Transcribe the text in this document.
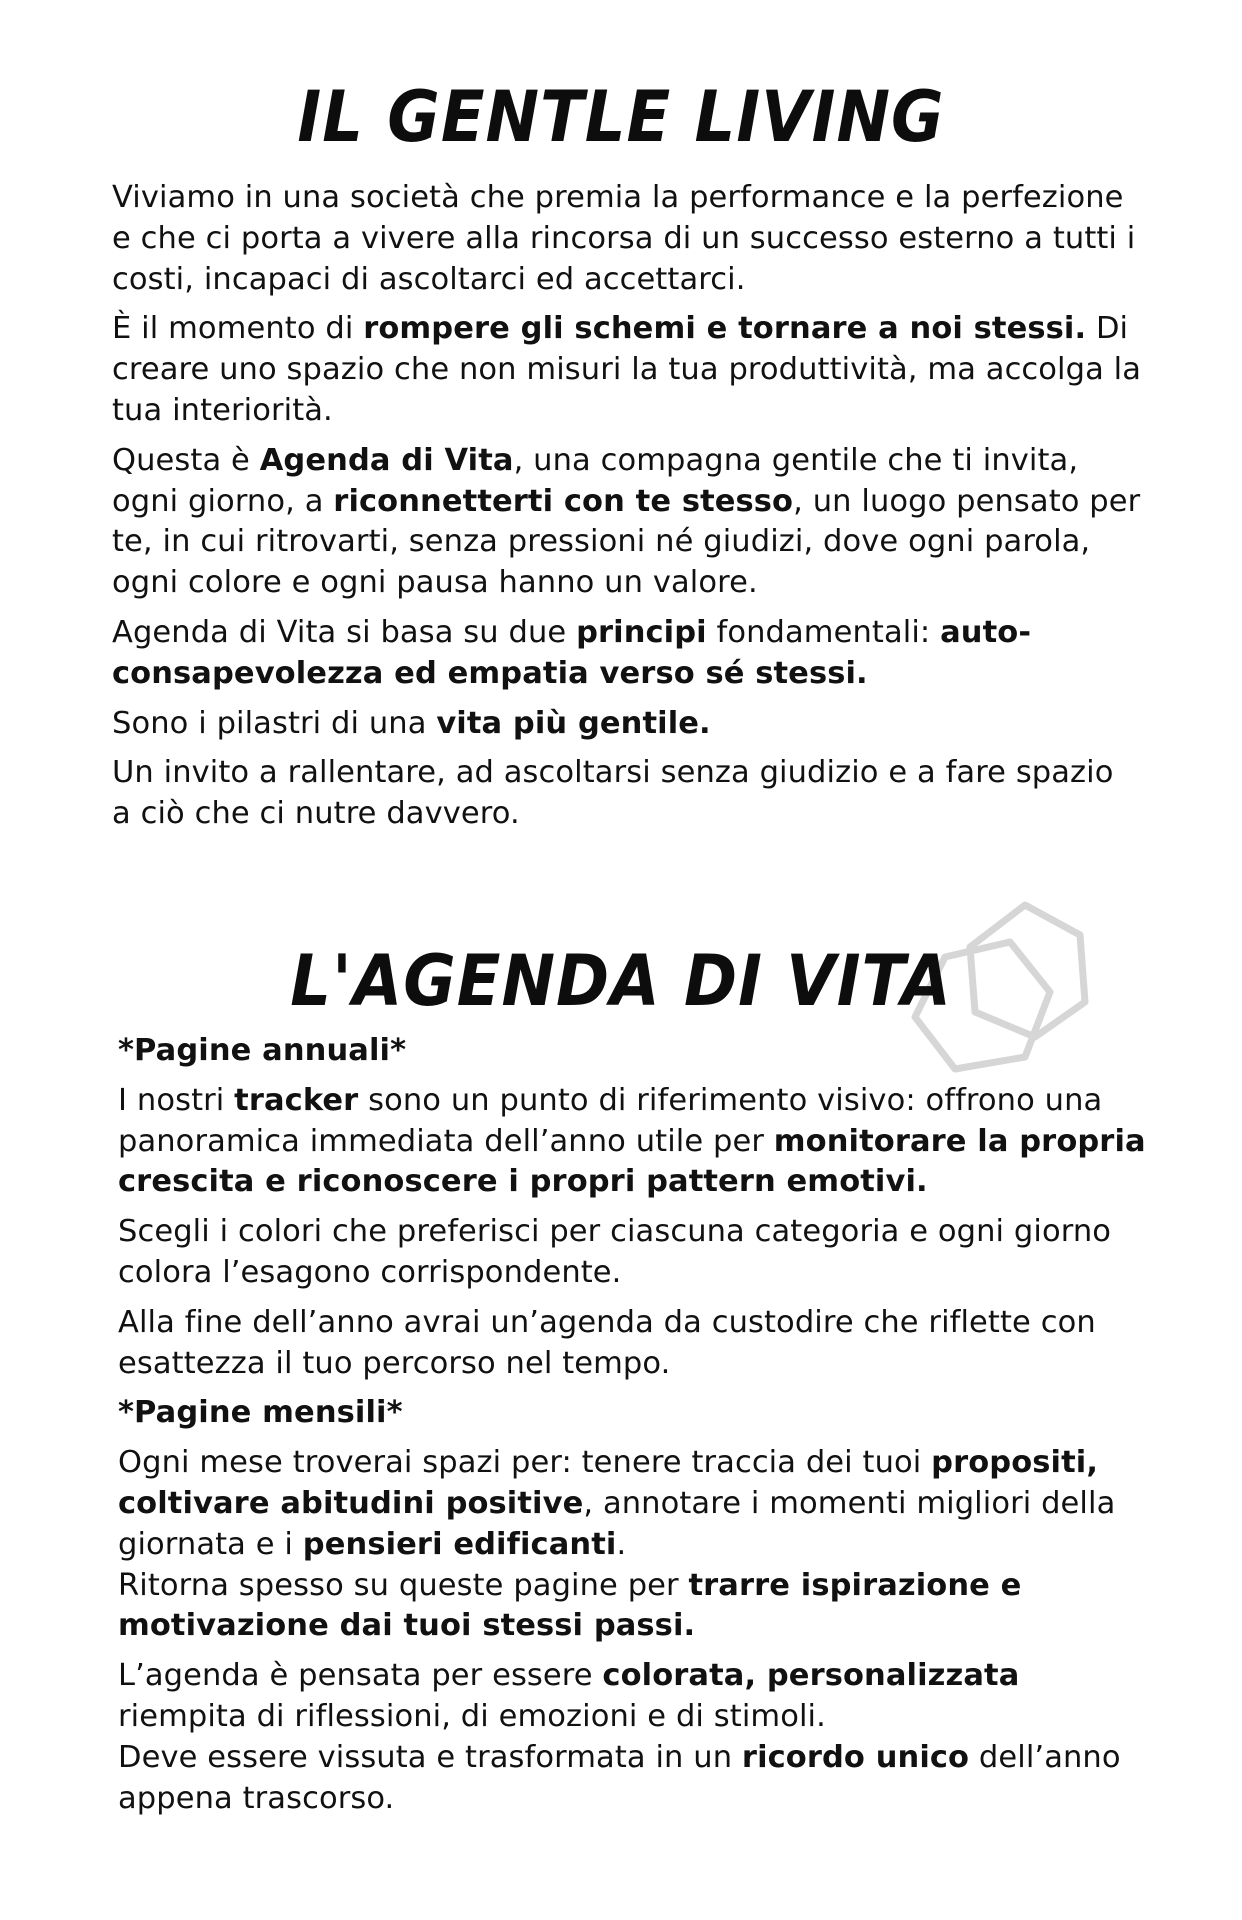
IL GENTLE LIVING

Viviamo in una società che premia la performance e la perfezione e che ci porta a vivere alla rincorsa di un successo esterno a tutti i costi, incapaci di ascoltarci ed accettarci.

È il momento di rompere gli schemi e tornare a noi stessi. Di creare uno spazio che non misuri la tua produttività, ma accolga la tua interiorità.

Questa è Agenda di Vita, una compagna gentile che ti invita, ogni giorno, a riconnetterti con te stesso, un luogo pensato per te, in cui ritrovarti, senza pressioni né giudizi, dove ogni parola, ogni colore e ogni pausa hanno un valore.

Agenda di Vita si basa su due principi fondamentali: auto-consapevolezza ed empatia verso sé stessi.

Sono i pilastri di una vita più gentile.

Un invito a rallentare, ad ascoltarsi senza giudizio e a fare spazio a ciò che ci nutre davvero.

L'AGENDA DI VITA

*Pagine annuali*

I nostri tracker sono un punto di riferimento visivo: offrono una panoramica immediata dell’anno utile per monitorare la propria crescita e riconoscere i propri pattern emotivi.

Scegli i colori che preferisci per ciascuna categoria e ogni giorno colora l’esagono corrispondente.

Alla fine dell’anno avrai un’agenda da custodire che riflette con esattezza il tuo percorso nel tempo.

*Pagine mensili*

Ogni mese troverai spazi per: tenere traccia dei tuoi propositi, coltivare abitudini positive, annotare i momenti migliori della giornata e i pensieri edificanti.
Ritorna spesso su queste pagine per trarre ispirazione e motivazione dai tuoi stessi passi.

L’agenda è pensata per essere colorata, personalizzata riempita di riflessioni, di emozioni e di stimoli.
Deve essere vissuta e trasformata in un ricordo unico dell’anno appena trascorso.
